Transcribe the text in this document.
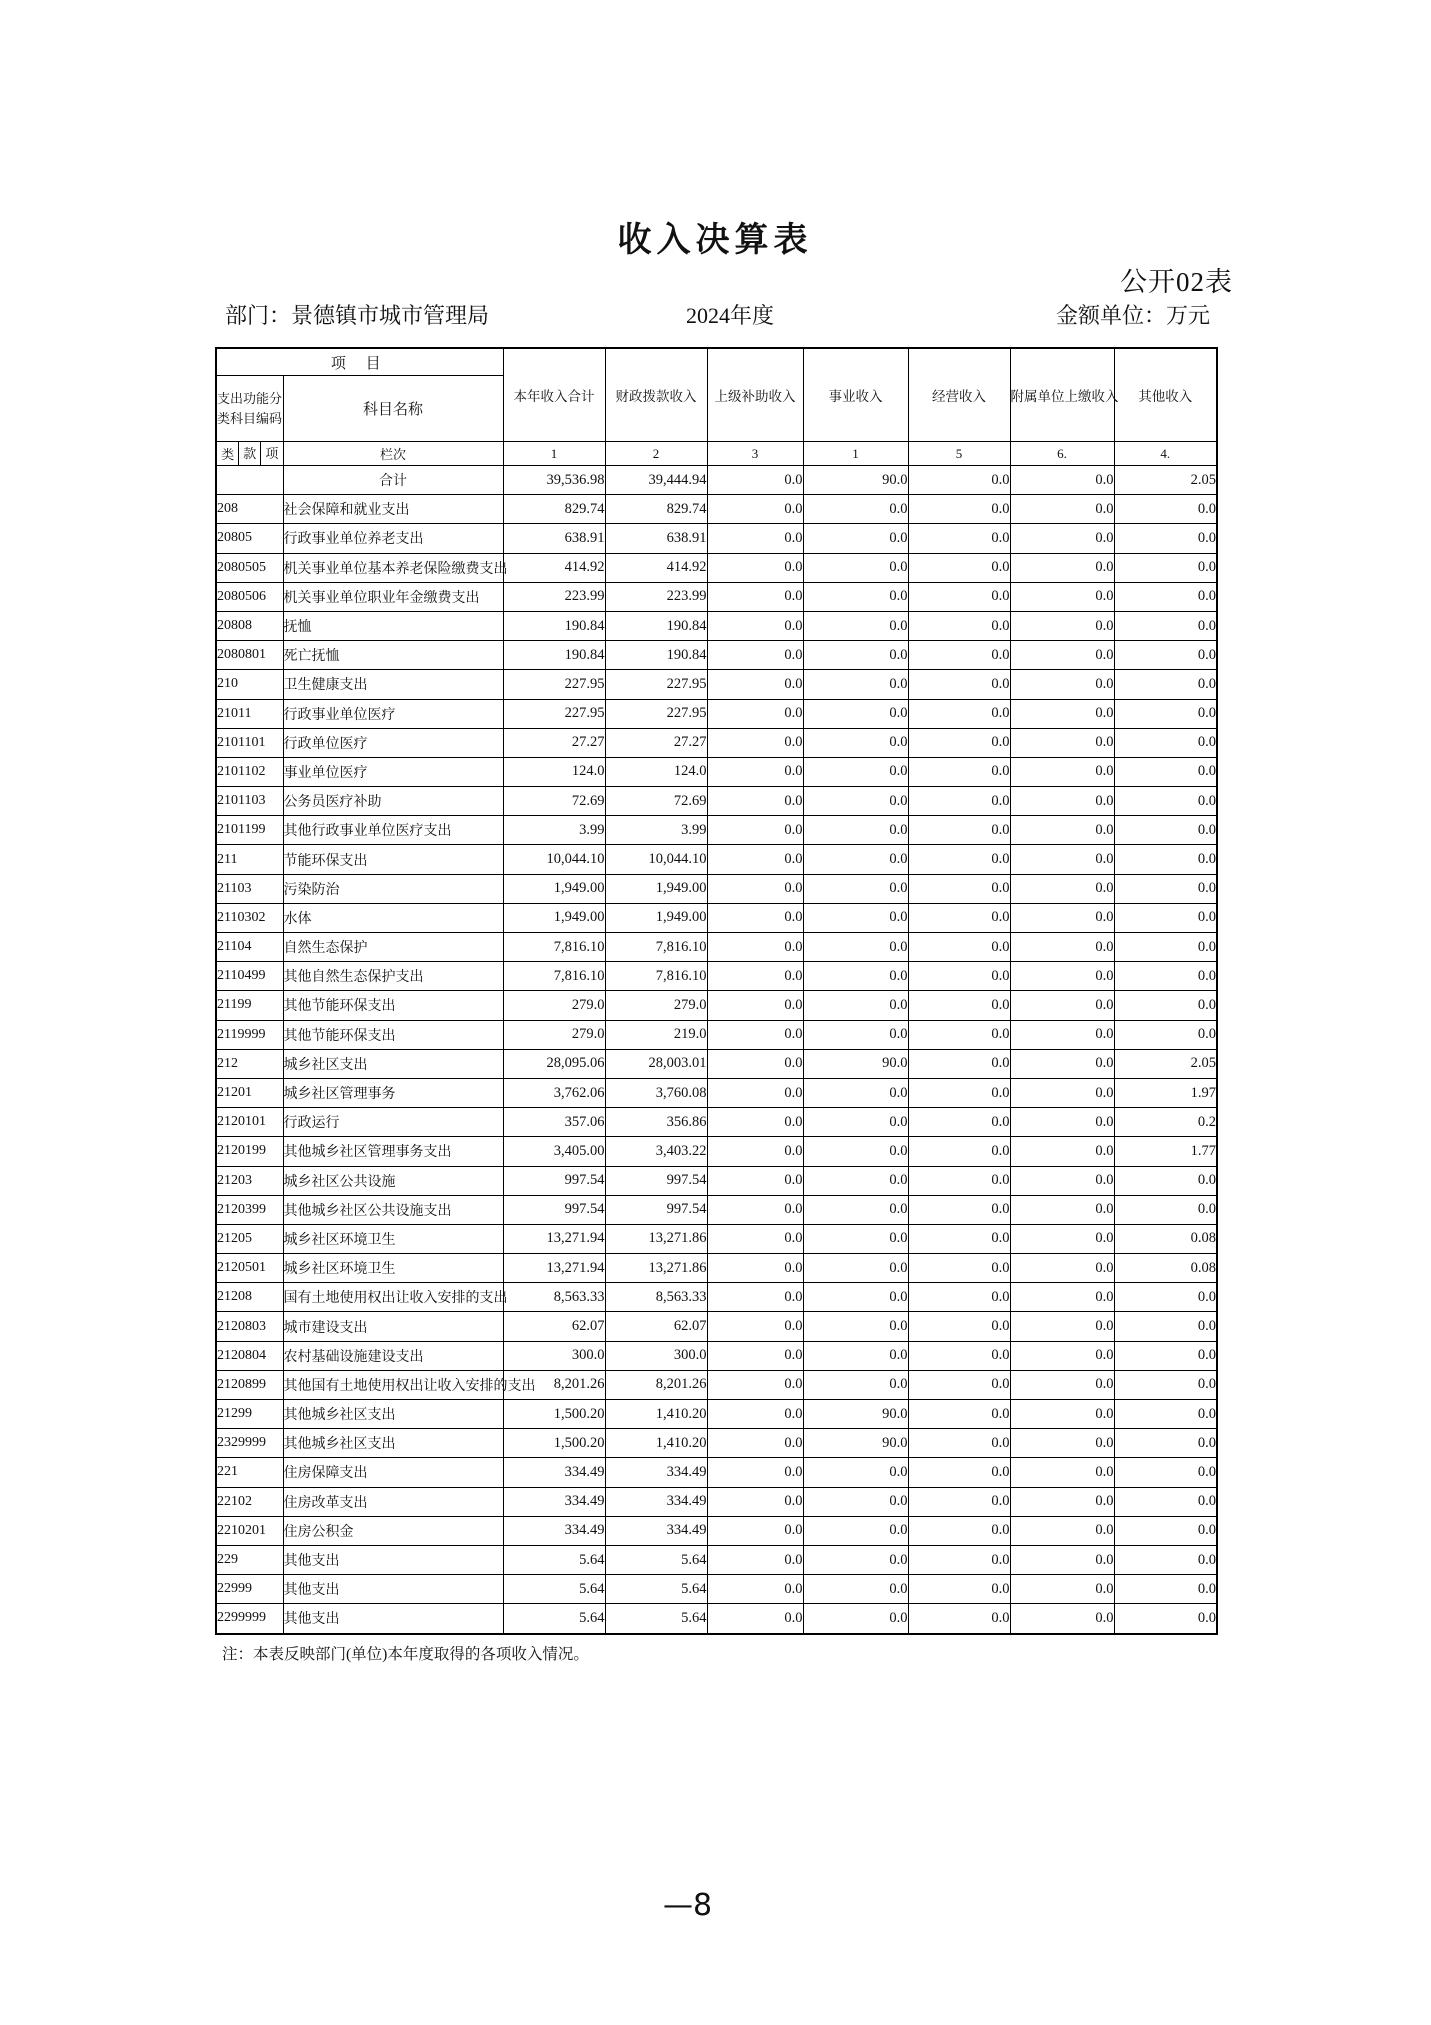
收入决算表
公开02表
部门：景德镇市城市管理局	2024年度	金额单位：万元
项 目		本年收入合计	财政拨款收入	上级补助收入	事业收入	经营收入	附属单位上缴收入	其他收入
支出功能分类科目编码	科目名称							

类 款 项	栏次	1	2	3	1	5	6.	4.
	合计	39,536.98	39,444.94	0.0	90.0	0.0	0.0	2.05
208	社会保障和就业支出	829.74	829.74	0.0	0.0	0.0	0.0	0.0
20805	行政事业单位养老支出	638.91	638.91	0.0	0.0	0.0	0.0	0.0
2080505	机关事业单位基本养老保险缴费支出	414.92	414.92	0.0	0.0	0.0	0.0	0.0
2080506	机关事业单位职业年金缴费支出	223.99	223.99	0.0	0.0	0.0	0.0	0.0
20808	抚恤	190.84	190.84	0.0	0.0	0.0	0.0	0.0
2080801	死亡抚恤	190.84	190.84	0.0	0.0	0.0	0.0	0.0
210	卫生健康支出	227.95	227.95	0.0	0.0	0.0	0.0	0.0
21011	行政事业单位医疗	227.95	227.95	0.0	0.0	0.0	0.0	0.0
2101101	行政单位医疗	27.27	27.27	0.0	0.0	0.0	0.0	0.0
2101102	事业单位医疗	124.0	124.0	0.0	0.0	0.0	0.0	0.0
2101103	公务员医疗补助	72.69	72.69	0.0	0.0	0.0	0.0	0.0
2101199	其他行政事业单位医疗支出	3.99	3.99	0.0	0.0	0.0	0.0	0.0
211	节能环保支出	10,044.10	10,044.10	0.0	0.0	0.0	0.0	0.0
21103	污染防治	1,949.00	1,949.00	0.0	0.0	0.0	0.0	0.0
2110302	水体	1,949.00	1,949.00	0.0	0.0	0.0	0.0	0.0
21104	自然生态保护	7,816.10	7,816.10	0.0	0.0	0.0	0.0	0.0
2110499	其他自然生态保护支出	7,816.10	7,816.10	0.0	0.0	0.0	0.0	0.0
21199	其他节能环保支出	279.0	279.0	0.0	0.0	0.0	0.0	0.0
2119999	其他节能环保支出	279.0	219.0	0.0	0.0	0.0	0.0	0.0
212	城乡社区支出	28,095.06	28,003.01	0.0	90.0	0.0	0.0	2.05
21201	城乡社区管理事务	3,762.06	3,760.08	0.0	0.0	0.0	0.0	1.97
2120101	行政运行	357.06	356.86	0.0	0.0	0.0	0.0	0.2
2120199	其他城乡社区管理事务支出	3,405.00	3,403.22	0.0	0.0	0.0	0.0	1.77
21203	城乡社区公共设施	997.54	997.54	0.0	0.0	0.0	0.0	0.0
2120399	其他城乡社区公共设施支出	997.54	997.54	0.0	0.0	0.0	0.0	0.0
21205	城乡社区环境卫生	13,271.94	13,271.86	0.0	0.0	0.0	0.0	0.08
2120501	城乡社区环境卫生	13,271.94	13,271.86	0.0	0.0	0.0	0.0	0.08
21208	国有土地使用权出让收入安排的支出	8,563.33	8,563.33	0.0	0.0	0.0	0.0	0.0
2120803	城市建设支出	62.07	62.07	0.0	0.0	0.0	0.0	0.0
2120804	农村基础设施建设支出	300.0	300.0	0.0	0.0	0.0	0.0	0.0
2120899	其他国有土地使用权出让收入安排的支出	8,201.26	8,201.26	0.0	0.0	0.0	0.0	0.0
21299	其他城乡社区支出	1,500.20	1,410.20	0.0	90.0	0.0	0.0	0.0
2329999	其他城乡社区支出	1,500.20	1,410.20	0.0	90.0	0.0	0.0	0.0
221	住房保障支出	334.49	334.49	0.0	0.0	0.0	0.0	0.0
22102	住房改革支出	334.49	334.49	0.0	0.0	0.0	0.0	0.0
2210201	住房公积金	334.49	334.49	0.0	0.0	0.0	0.0	0.0
229	其他支出	5.64	5.64	0.0	0.0	0.0	0.0	0.0
22999	其他支出	5.64	5.64	0.0	0.0	0.0	0.0	0.0
2299999	其他支出	5.64	5.64	0.0	0.0	0.0	0.0	0.0
注：本表反映部门(单位)本年度取得的各项收入情况。
—8
